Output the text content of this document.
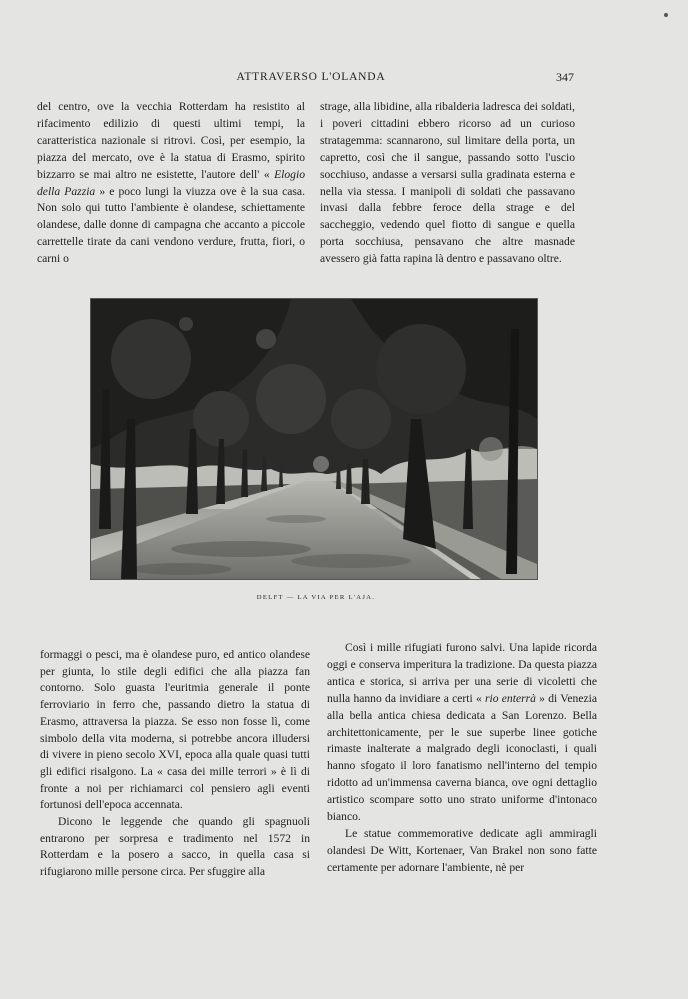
ATTRAVERSO L'OLANDA	347

del centro, ove la vecchia Rotterdam ha resistito al rifacimento edilizio di questi ultimi tempi, la caratteristica nazionale si ritrovi. Così, per esempio, la piazza del mercato, ove è la statua di Erasmo, spirito bizzarro se mai altro ne esistette, l'autore dell' « Elogio della Pazzia » e poco lungi la viuzza ove è la sua casa. Non solo qui tutto l'ambiente è olandese, schiettamente olandese, dalle donne di campagna che accanto a piccole carrettelle tirate da cani vendono verdure, frutta, fiori, o carni o

strage, alla libidine, alla ribalderia ladresca dei soldati, i poveri cittadini ebbero ricorso ad un curioso stratagemma: scannarono, sul limitare della porta, un capretto, così che il sangue, passando sotto l'uscio socchiuso, andasse a versarsi sulla gradinata esterna e nella via stessa. I manipoli di soldati che passavano invasi dalla febbre feroce della strage e del saccheggio, vedendo quel fiotto di sangue e quella porta socchiusa, pensavano che altre masnade avessero già fatta rapina là dentro e passavano oltre.

DELFT — LA VIA PER L'AJA.

formaggi o pesci, ma è olandese puro, ed antico olandese per giunta, lo stile degli edifici che alla piazza fan contorno. Solo guasta l'euritmia generale il ponte ferroviario in ferro che, passando dietro la statua di Erasmo, attraversa la piazza. Se esso non fosse lì, come simbolo della vita moderna, si potrebbe ancora illudersi di vivere in pieno secolo XVI, epoca alla quale quasi tutti gli edifici risalgono. La « casa dei mille terrori » è lì di fronte a noi per richiamarci col pensiero agli eventi fortunosi dell'epoca accennata.

Dicono le leggende che quando gli spagnuoli entrarono per sorpresa e tradimento nel 1572 in Rotterdam e la posero a sacco, in quella casa si rifugiarono mille persone circa. Per sfuggire alla

Così i mille rifugiati furono salvi. Una lapide ricorda oggi e conserva imperitura la tradizione. Da questa piazza antica e storica, si arriva per una serie di vicoletti che nulla hanno da invidiare a certi « rio enterrà » di Venezia alla bella antica chiesa dedicata a San Lorenzo. Bella architettonicamente, per le sue superbe linee gotiche rimaste inalterate a malgrado degli iconoclasti, i quali hanno sfogato il loro fanatismo nell'interno del tempio ridotto ad un'immensa caverna bianca, ove ogni dettaglio artistico scompare sotto uno strato uniforme d'intonaco bianco.

Le statue commemorative dedicate agli ammiragli olandesi De Witt, Kortenaer, Van Brakel non sono fatte certamente per adornare l'ambiente, nè per
